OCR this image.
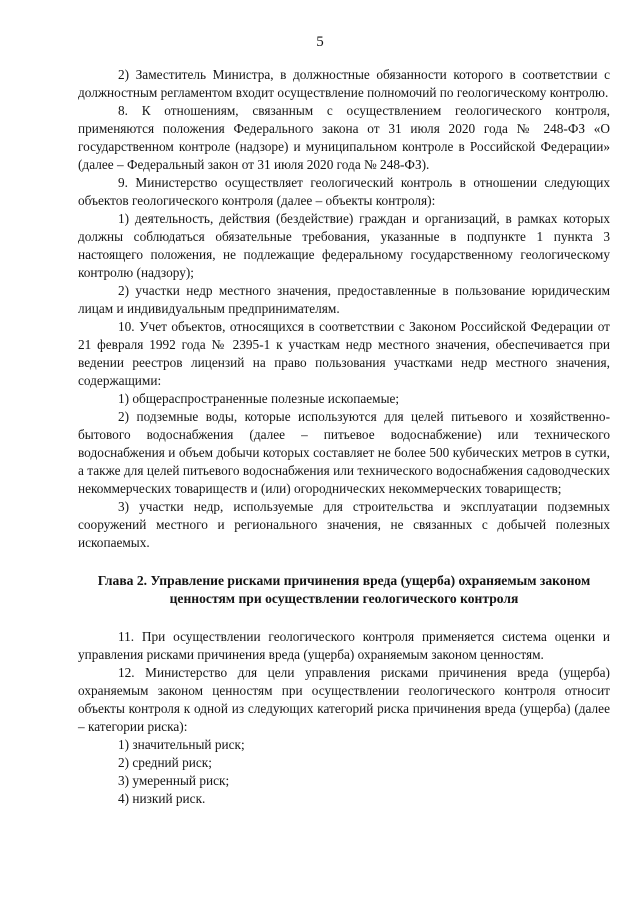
5

2) Заместитель Министра, в должностные обязанности которого в соответствии с должностным регламентом входит осуществление полномочий по геологическому контролю.

8. К отношениям, связанным с осуществлением геологического контроля, применяются положения Федерального закона от 31 июля 2020 года № 248-ФЗ «О государственном контроле (надзоре) и муниципальном контроле в Российской Федерации» (далее – Федеральный закон от 31 июля 2020 года № 248-ФЗ).

9. Министерство осуществляет геологический контроль в отношении следующих объектов геологического контроля (далее – объекты контроля):

1) деятельность, действия (бездействие) граждан и организаций, в рамках которых должны соблюдаться обязательные требования, указанные в подпункте 1 пункта 3 настоящего положения, не подлежащие федеральному государственному геологическому контролю (надзору);

2) участки недр местного значения, предоставленные в пользование юридическим лицам и индивидуальным предпринимателям.

10. Учет объектов, относящихся в соответствии с Законом Российской Федерации от 21 февраля 1992 года № 2395-1 к участкам недр местного значения, обеспечивается при ведении реестров лицензий на право пользования участками недр местного значения, содержащими:

1) общераспространенные полезные ископаемые;

2) подземные воды, которые используются для целей питьевого и хозяйственно-бытового водоснабжения (далее – питьевое водоснабжение) или технического водоснабжения и объем добычи которых составляет не более 500 кубических метров в сутки, а также для целей питьевого водоснабжения или технического водоснабжения садоводческих некоммерческих товариществ и (или) огороднических некоммерческих товариществ;

3) участки недр, используемые для строительства и эксплуатации подземных сооружений местного и регионального значения, не связанных с добычей полезных ископаемых.

Глава 2. Управление рисками причинения вреда (ущерба) охраняемым законом ценностям при осуществлении геологического контроля

11. При осуществлении геологического контроля применяется система оценки и управления рисками причинения вреда (ущерба) охраняемым законом ценностям.

12. Министерство для цели управления рисками причинения вреда (ущерба) охраняемым законом ценностям при осуществлении геологического контроля относит объекты контроля к одной из следующих категорий риска причинения вреда (ущерба) (далее – категории риска):

1) значительный риск;

2) средний риск;

3) умеренный риск;

4) низкий риск.
